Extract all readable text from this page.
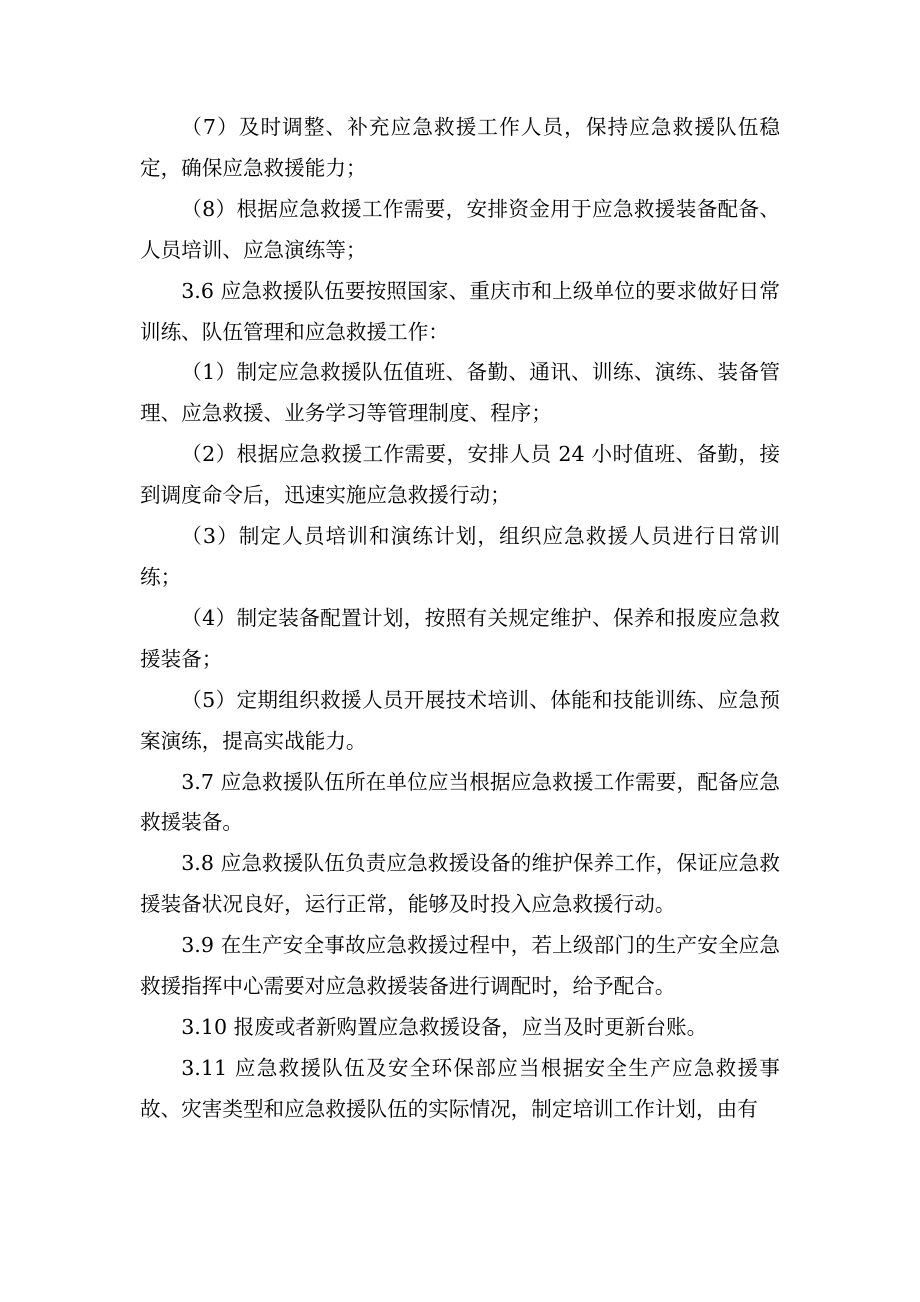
（7）及时调整、补充应急救援工作人员，保持应急救援队伍稳定，确保应急救援能力；

（8）根据应急救援工作需要，安排资金用于应急救援装备配备、人员培训、应急演练等；

3.6 应急救援队伍要按照国家、重庆市和上级单位的要求做好日常训练、队伍管理和应急救援工作：

（1）制定应急救援队伍值班、备勤、通讯、训练、演练、装备管理、应急救援、业务学习等管理制度、程序；

（2）根据应急救援工作需要，安排人员 24 小时值班、备勤，接到调度命令后，迅速实施应急救援行动；

（3）制定人员培训和演练计划，组织应急救援人员进行日常训练；

（4）制定装备配置计划，按照有关规定维护、保养和报废应急救援装备；

（5）定期组织救援人员开展技术培训、体能和技能训练、应急预案演练，提高实战能力。

3.7 应急救援队伍所在单位应当根据应急救援工作需要，配备应急救援装备。

3.8 应急救援队伍负责应急救援设备的维护保养工作，保证应急救援装备状况良好，运行正常，能够及时投入应急救援行动。

3.9 在生产安全事故应急救援过程中，若上级部门的生产安全应急救援指挥中心需要对应急救援装备进行调配时，给予配合。

3.10 报废或者新购置应急救援设备，应当及时更新台账。

3.11 应急救援队伍及安全环保部应当根据安全生产应急救援事故、灾害类型和应急救援队伍的实际情况，制定培训工作计划，由有
